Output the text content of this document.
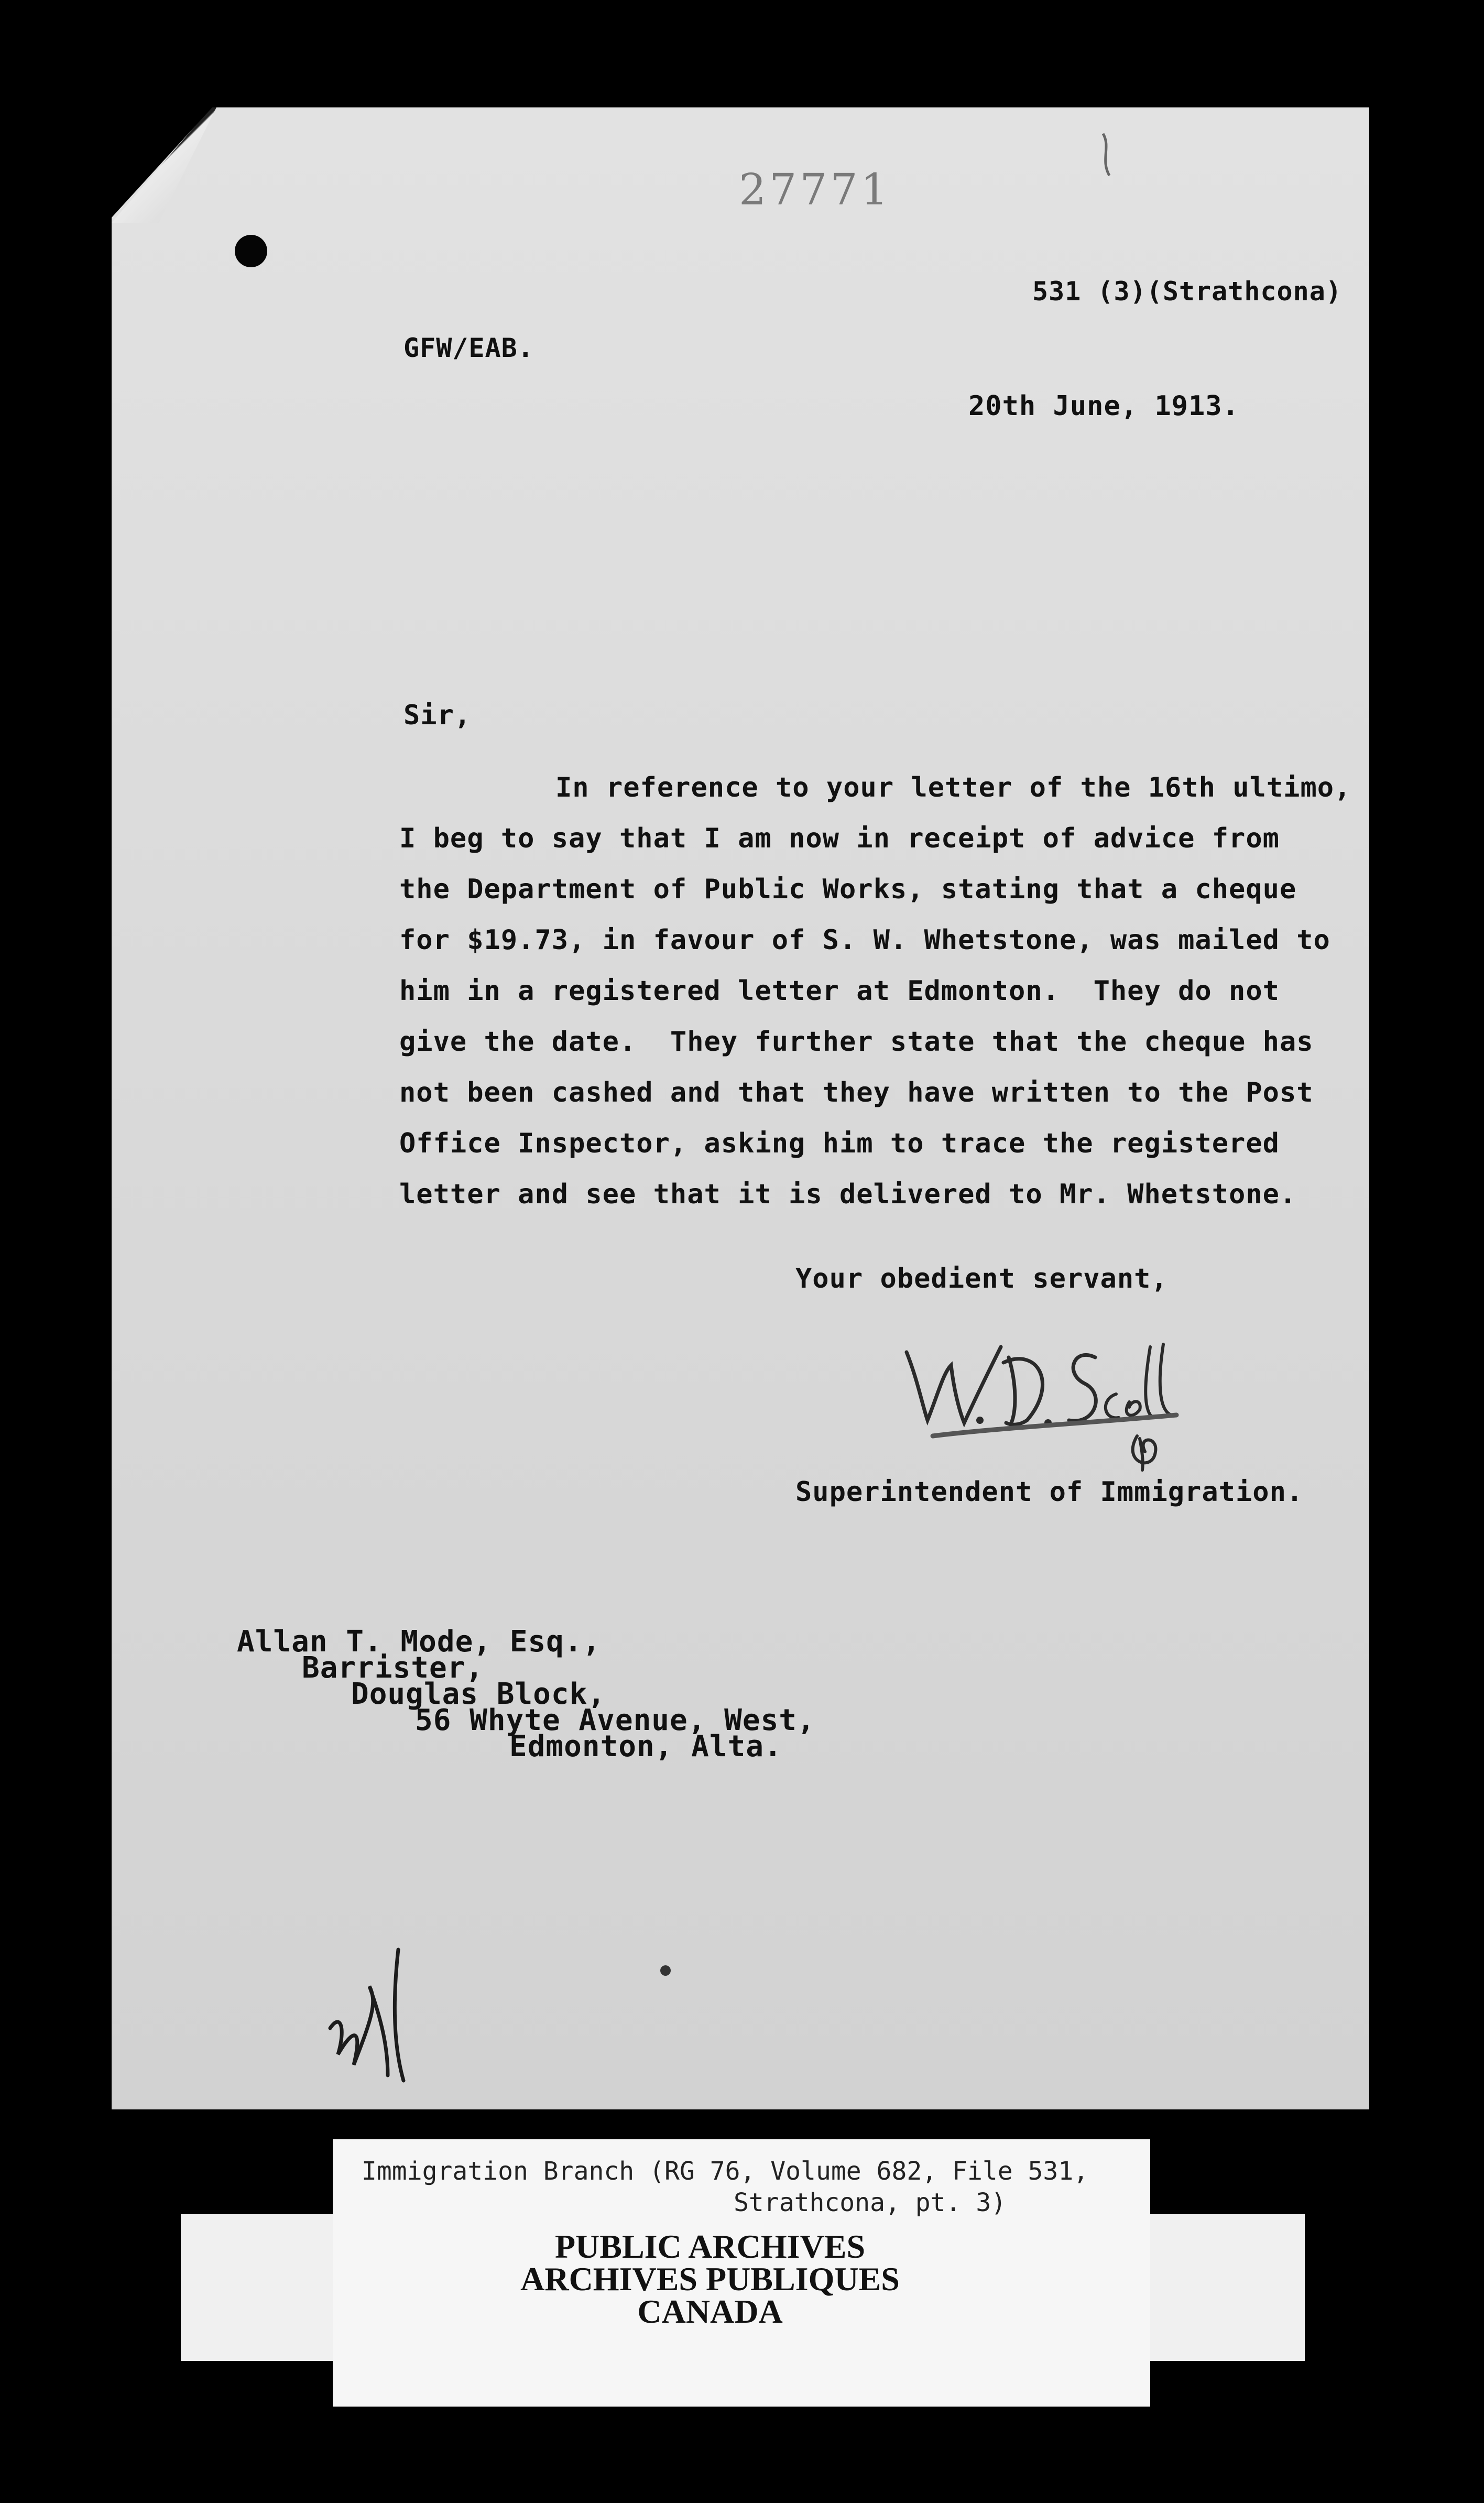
27771
531 (3)(Strathcona)
GFW/EAB.
20th June, 1913.
Sir,
In reference to your letter of the 16th ultimo,
I beg to say that I am now in receipt of advice from
the Department of Public Works, stating that a cheque
for $19.73, in favour of S. W. Whetstone, was mailed to
him in a registered letter at Edmonton.  They do not
give the date.  They further state that the cheque has
not been cashed and that they have written to the Post
Office Inspector, asking him to trace the registered
letter and see that it is delivered to Mr. Whetstone.
Your obedient servant,
Superintendent of Immigration.
Allan T. Mode, Esq.,
Barrister,
Douglas Block,
56 Whyte Avenue, West,
Edmonton, Alta.
Immigration Branch (RG 76, Volume 682, File 531,
Strathcona, pt. 3)
PUBLIC ARCHIVES
ARCHIVES PUBLIQUES
CANADA
